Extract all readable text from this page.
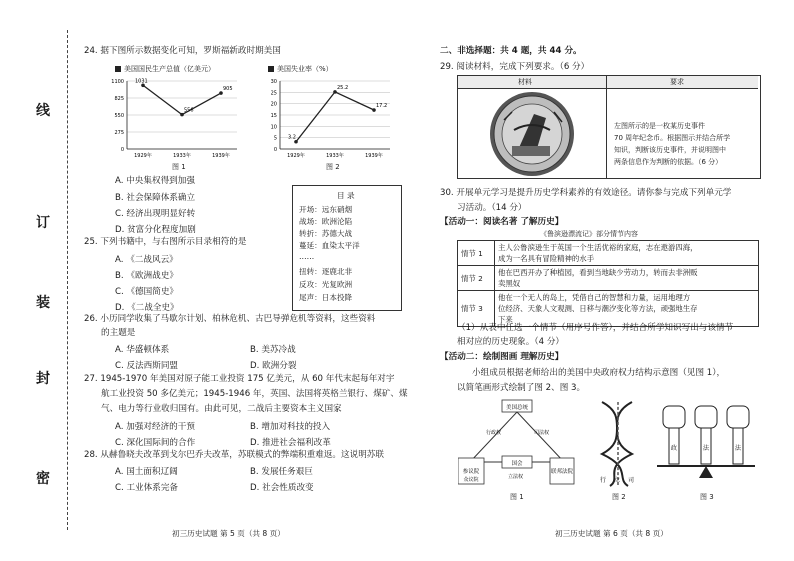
线
订
装
封
密
24. 据下图所示数据变化可知，罗斯福新政时期美国
美国国民生产总值（亿美元）	美国失业率（%）
0
275
550
825
1100 1031
1929年
556
1933年
905
1939年
0
5
10
15
20
25
30
3.2
1929年
25.2
1933年
17.2
1939年
图 1	图 2
A. 中央集权得到加强
B. 社会保障体系确立
C. 经济出现明显好转
D. 贫富分化程度加剧
目 录
开场：远东硝烟
战场：欧洲沦陷
转折：苏德大战
蔓延：血染太平洋
……
扭转：逐鹿北非
反攻：光复欧洲
尾声：日本投降
25. 下列书籍中，与右图所示目录相符的是
A. 《二战风云》
B. 《欧洲战史》
C. 《德国简史》
D. 《二战全史》
26. 小历同学收集了马歇尔计划、柏林危机、古巴导弹危机等资料，这些资料
的主题是
A. 华盛顿体系	B. 美苏冷战
C. 反法西斯同盟	D. 欧洲分裂
27. 1945-1970 年美国对原子能工业投资 175 亿美元，从 60 年代末起每年对宇
航工业投资 50 多亿美元；1945-1946 年，英国、法国将英格兰银行、煤矿、煤
气、电力等行业收归国有。由此可见，二战后主要资本主义国家
A. 加强对经济的干预	B. 增加对科技的投入
C. 深化国际间的合作	D. 推进社会福利改革
28. 从赫鲁晓夫改革到戈尔巴乔夫改革，苏联模式的弊端积重难返。这说明苏联
A. 国土面积辽阔	B. 发展任务艰巨
C. 工业体系完备	D. 社会性质改变
初三历史试题 第 5 页（共 8 页）
二、非选择题：共 4 题，共 44 分。
29. 阅读材料，完成下列要求。（6 分）
材料	要求
左图所示的是一枚某历史事件
70 周年纪念币。根据图示并结合所学
知识，判断该历史事件，并说明图中
两条信息作为判断的依据。（6 分）
30. 开展单元学习是提升历史学科素养的有效途径。请你参与完成下列单元学
习活动。（14 分）
【活动一：阅读名著 了解历史】
《鲁滨逊漂流记》部分情节内容
情节 1	主人公鲁滨逊生于英国一个生活优裕的家庭，志在遨游四海，
成为一名具有冒险精神的水手

情节 2	他在巴西开办了种植园，看到当地缺少劳动力，转而去非洲贩
卖黑奴

情节 3	他在一个无人的岛上，凭借自己的智慧和力量，运用地理方
位经济、天象人文观测、日移与潮汐变化等方法，顽强地生存
下来
（1）从表中任选一个情节（用序号作答），并结合所学知识写出与该情节
相对应的历史现象。（4 分）
【活动二：绘制图画 理解历史】
小组成员根据老师给出的美国中央政府权力结构示意图（见图 1），
以简笔画形式绘制了图 2、图 3。
美国总统
参议院	联邦法院
国会
众议院
行政权	司法权
立法权	行 立 司
政	法	法
图 1	图 2	图 3
初三历史试题 第 6 页（共 8 页）
